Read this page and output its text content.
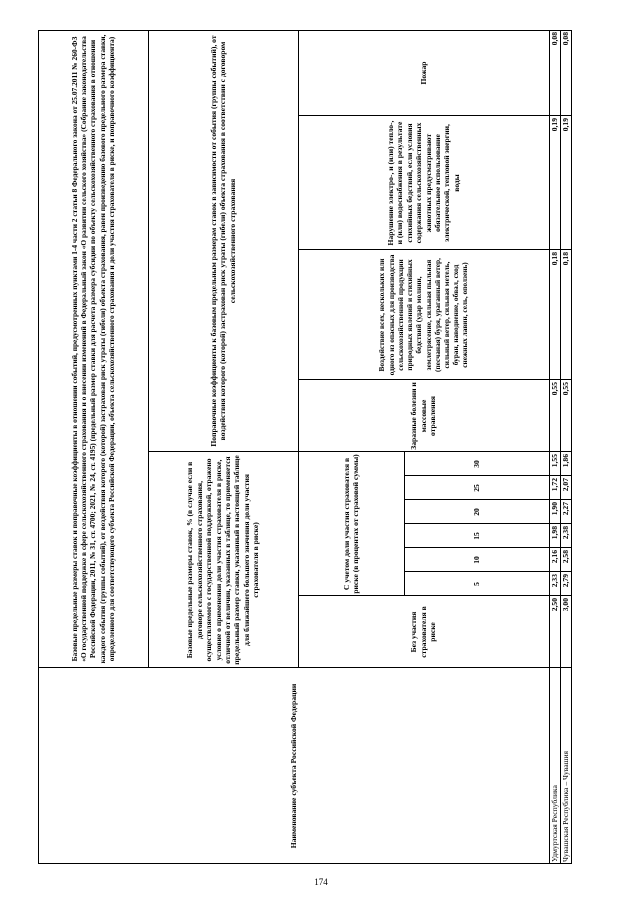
Наименование субъекта Российской Федерации
Базовые предельные размеры ставок и поправочные коэффициенты в отношении событий, предусмотренных пунктами 1-4 части 2 статьи 8 Федерального закона от 25.07.2011 № 260-ФЗ «О государственной поддержке в сфере сельскохозяйственного страхования и о внесении изменений в Федеральный закон «О развитии сельского хозяйства» (Собрание законодательства Российской Федерации, 2011, № 31, ст. 4700; 2021, № 24, ст. 4195) (предельный размер ставки для расчета размера субсидии по объекту сельскохозяйственного страхования в отношении каждого события (группы событий), от воздействия которого (которой) застрахован риск утраты (гибели) объекта страхования, равен произведению базового предельного размера ставки, определенного для соответствующего субъекта Российской Федерации, объекта сельскохозяйственного страхования и доли участия страхователя в риске, и поправочного коэффициента)	Базовые предельные размеры ставок, % (в случае если в договоре сельскохозяйственного страхования, осуществляемого с государственной поддержкой, отражено условие о применении доли участия страхователя в риске, отличной от величин, указанных в таблице, то применяется предельный размер ставки, указанный в настоящей таблице для ближайшего большего значения доли участия страхователя в риске)
Поправочные коэффициенты к базовым предельным размерам ставок в зависимости от события (группы событий), от воздействия которого (которой) застрахован риск утраты (гибели) объекта страхования в соответствии с договором сельскохозяйственного страхования
Без участия страхователя в риске
С учетом доли участия страхователя в риске (в процентах от страховой суммы)	5
10
15
20
25
30
Заразные болезни и массовые отравления
Воздействие всех, нескольких или одного из опасных для производства сельскохозяйственной продукции природных явлений и стихийных бедствий (удар молнии, землетрясение, сильная пыльная (песчаная) буря, ураганный ветер, сильный ветер, сильная метель, буран, наводнение, обвал, сход снежных лавин, сель, оползень)
Нарушение электро-, и (или) тепло-, и (или) водоснабжения в результате стихийных бедствий, если условия содержания сельскохозяйственных животных предусматривают обязательное использование электрической, тепловой энергии, воды
Пожар
Удмуртская Республика
2,50
2,33
2,16
1,98
1,90
1,72
1,55
0,55
0,18
0,19
0,08
Чувашская Республика – Чувашия
3,00
2,79
2,58
2,38
2,27
2,07
1,86
0,55
0,18
0,19
0,08
174
